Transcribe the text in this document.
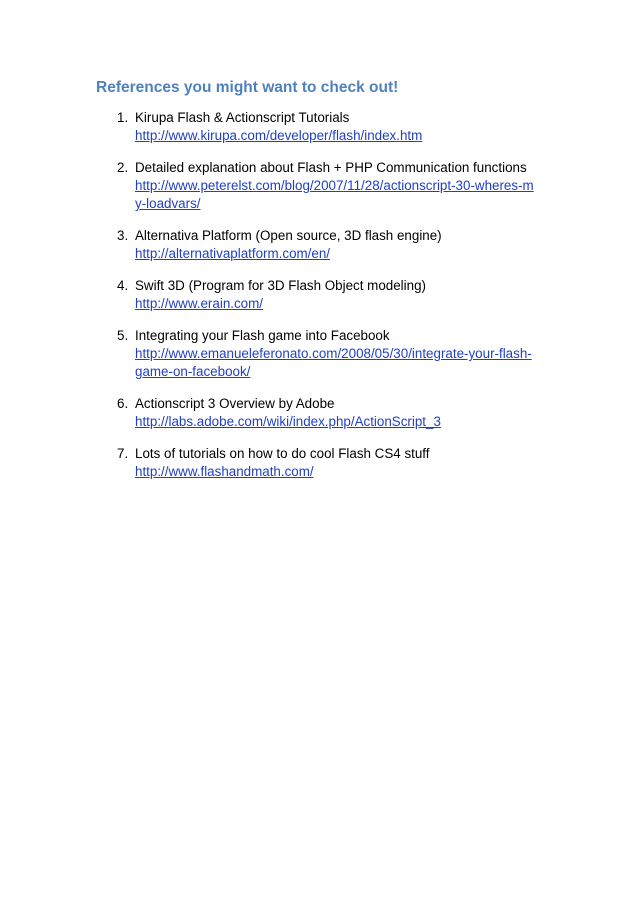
References you might want to check out!
1. Kirupa Flash & Actionscript Tutorials
http://www.kirupa.com/developer/flash/index.htm
2. Detailed explanation about Flash + PHP Communication functions
http://www.peterelst.com/blog/2007/11/28/actionscript-30-wheres-my-loadvars/
3. Alternativa Platform (Open source, 3D flash engine)
http://alternativaplatform.com/en/
4. Swift 3D (Program for 3D Flash Object modeling)
http://www.erain.com/
5. Integrating your Flash game into Facebook
http://www.emanueleferonato.com/2008/05/30/integrate-your-flash-game-on-facebook/
6. Actionscript 3 Overview by Adobe
http://labs.adobe.com/wiki/index.php/ActionScript_3
7. Lots of tutorials on how to do cool Flash CS4 stuff
http://www.flashandmath.com/
